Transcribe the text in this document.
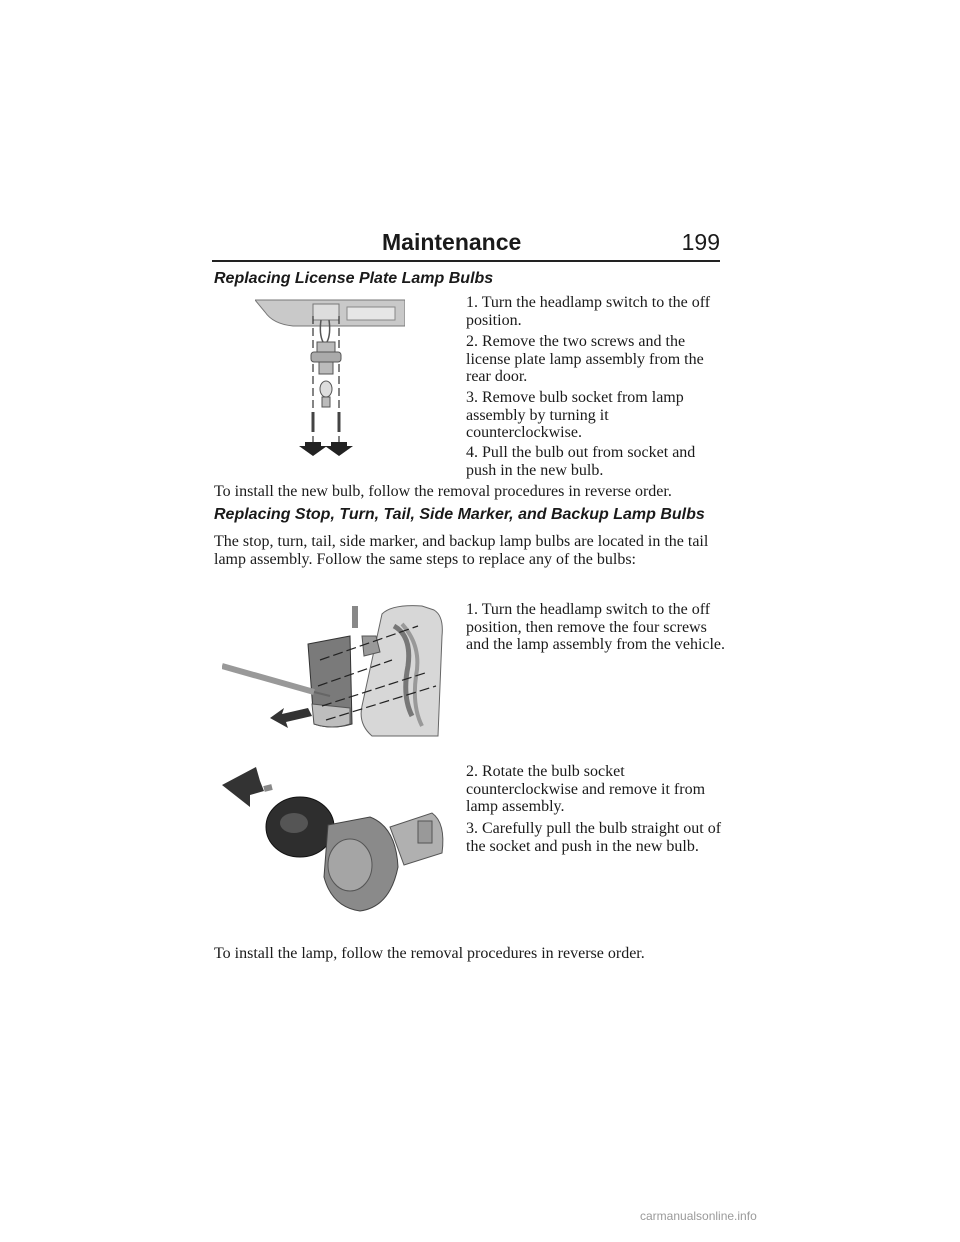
Maintenance	199
Replacing License Plate Lamp Bulbs
1. Turn the headlamp switch to the off position.
2. Remove the two screws and the license plate lamp assembly from the rear door.
3. Remove bulb socket from lamp assembly by turning it counterclockwise.
4. Pull the bulb out from socket and push in the new bulb.
To install the new bulb, follow the removal procedures in reverse order.
Replacing Stop, Turn, Tail, Side Marker, and Backup Lamp Bulbs
The stop, turn, tail, side marker, and backup lamp bulbs are located in the tail lamp assembly. Follow the same steps to replace any of the bulbs:
1. Turn the headlamp switch to the off position, then remove the four screws and the lamp assembly from the vehicle.
2. Rotate the bulb socket counterclockwise and remove it from lamp assembly.
3. Carefully pull the bulb straight out of the socket and push in the new bulb.
To install the lamp, follow the removal procedures in reverse order.
carmanualsonline.info
